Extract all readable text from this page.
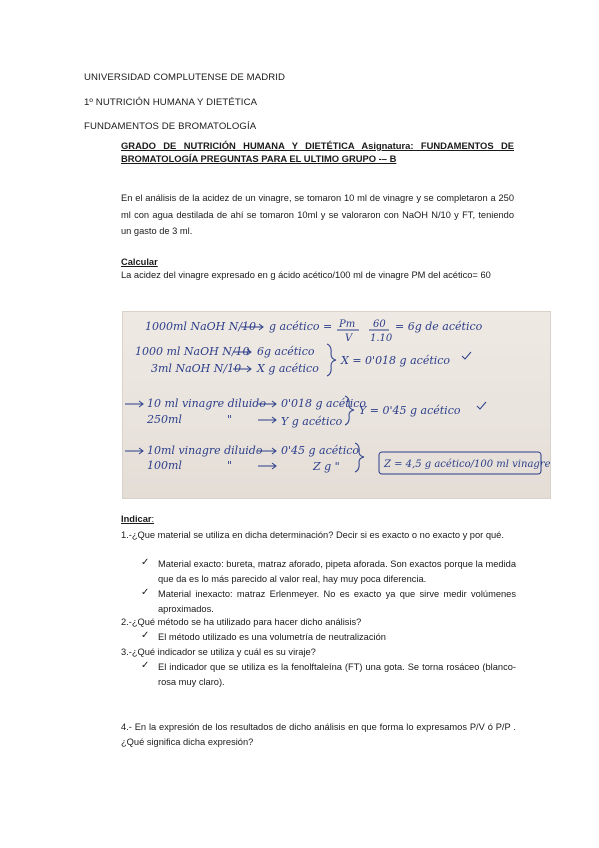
UNIVERSIDAD COMPLUTENSE DE MADRID
1º NUTRICIÓN HUMANA Y DIETÉTICA
FUNDAMENTOS DE BROMATOLOGÍA
GRADO DE NUTRICIÓN HUMANA Y DIETÉTICA Asignatura: FUNDAMENTOS DE BROMATOLOGÍA PREGUNTAS PARA EL ULTIMO GRUPO -– B
En el análisis de la acidez de un vinagre, se tomaron 10 ml de vinagre y se completaron a 250 ml con agua destilada de ahí se tomaron 10ml y se valoraron con NaOH N/10 y FT, teniendo un gasto de 3 ml.
Calcular
La acidez del vinagre expresado en g ácido acético/100 ml de vinagre PM del acético= 60
1000ml NaOH N/10 g acético = Pm
V
60
1.10
= 6g de acético
1000 ml NaOH N/10 6g acético
3ml NaOH N/10 X g acético
X = 0'018 g acético
10 ml vinagre diluido 0'018 g acético
250ml	"	Y g acético
Y = 0'45 g acético
10ml vinagre diluido 0'45 g acético
100ml	"	Z g "	Z = 4,5 g acético/100 ml vinagre
Indicar:
1.-¿Que material se utiliza en dicha determinación? Decir si es exacto o no exacto y por qué.
✓ Material exacto: bureta, matraz aforado, pipeta aforada. Son exactos porque la medida que da es lo más parecido al valor real, hay muy poca diferencia.
✓ Material inexacto: matraz Erlenmeyer. No es exacto ya que sirve medir volúmenes aproximados.
2.-¿Qué método se ha utilizado para hacer dicho análisis?
✓ El método utilizado es una volumetría de neutralización
3.-¿Qué indicador se utiliza y cuál es su viraje?
✓ El indicador que se utiliza es la fenolftaleína (FT) una gota. Se torna rosáceo (blanco-rosa muy claro).
4.- En la expresión de los resultados de dicho análisis en que forma lo expresamos P/V ó P/P . ¿Qué significa dicha expresión?
